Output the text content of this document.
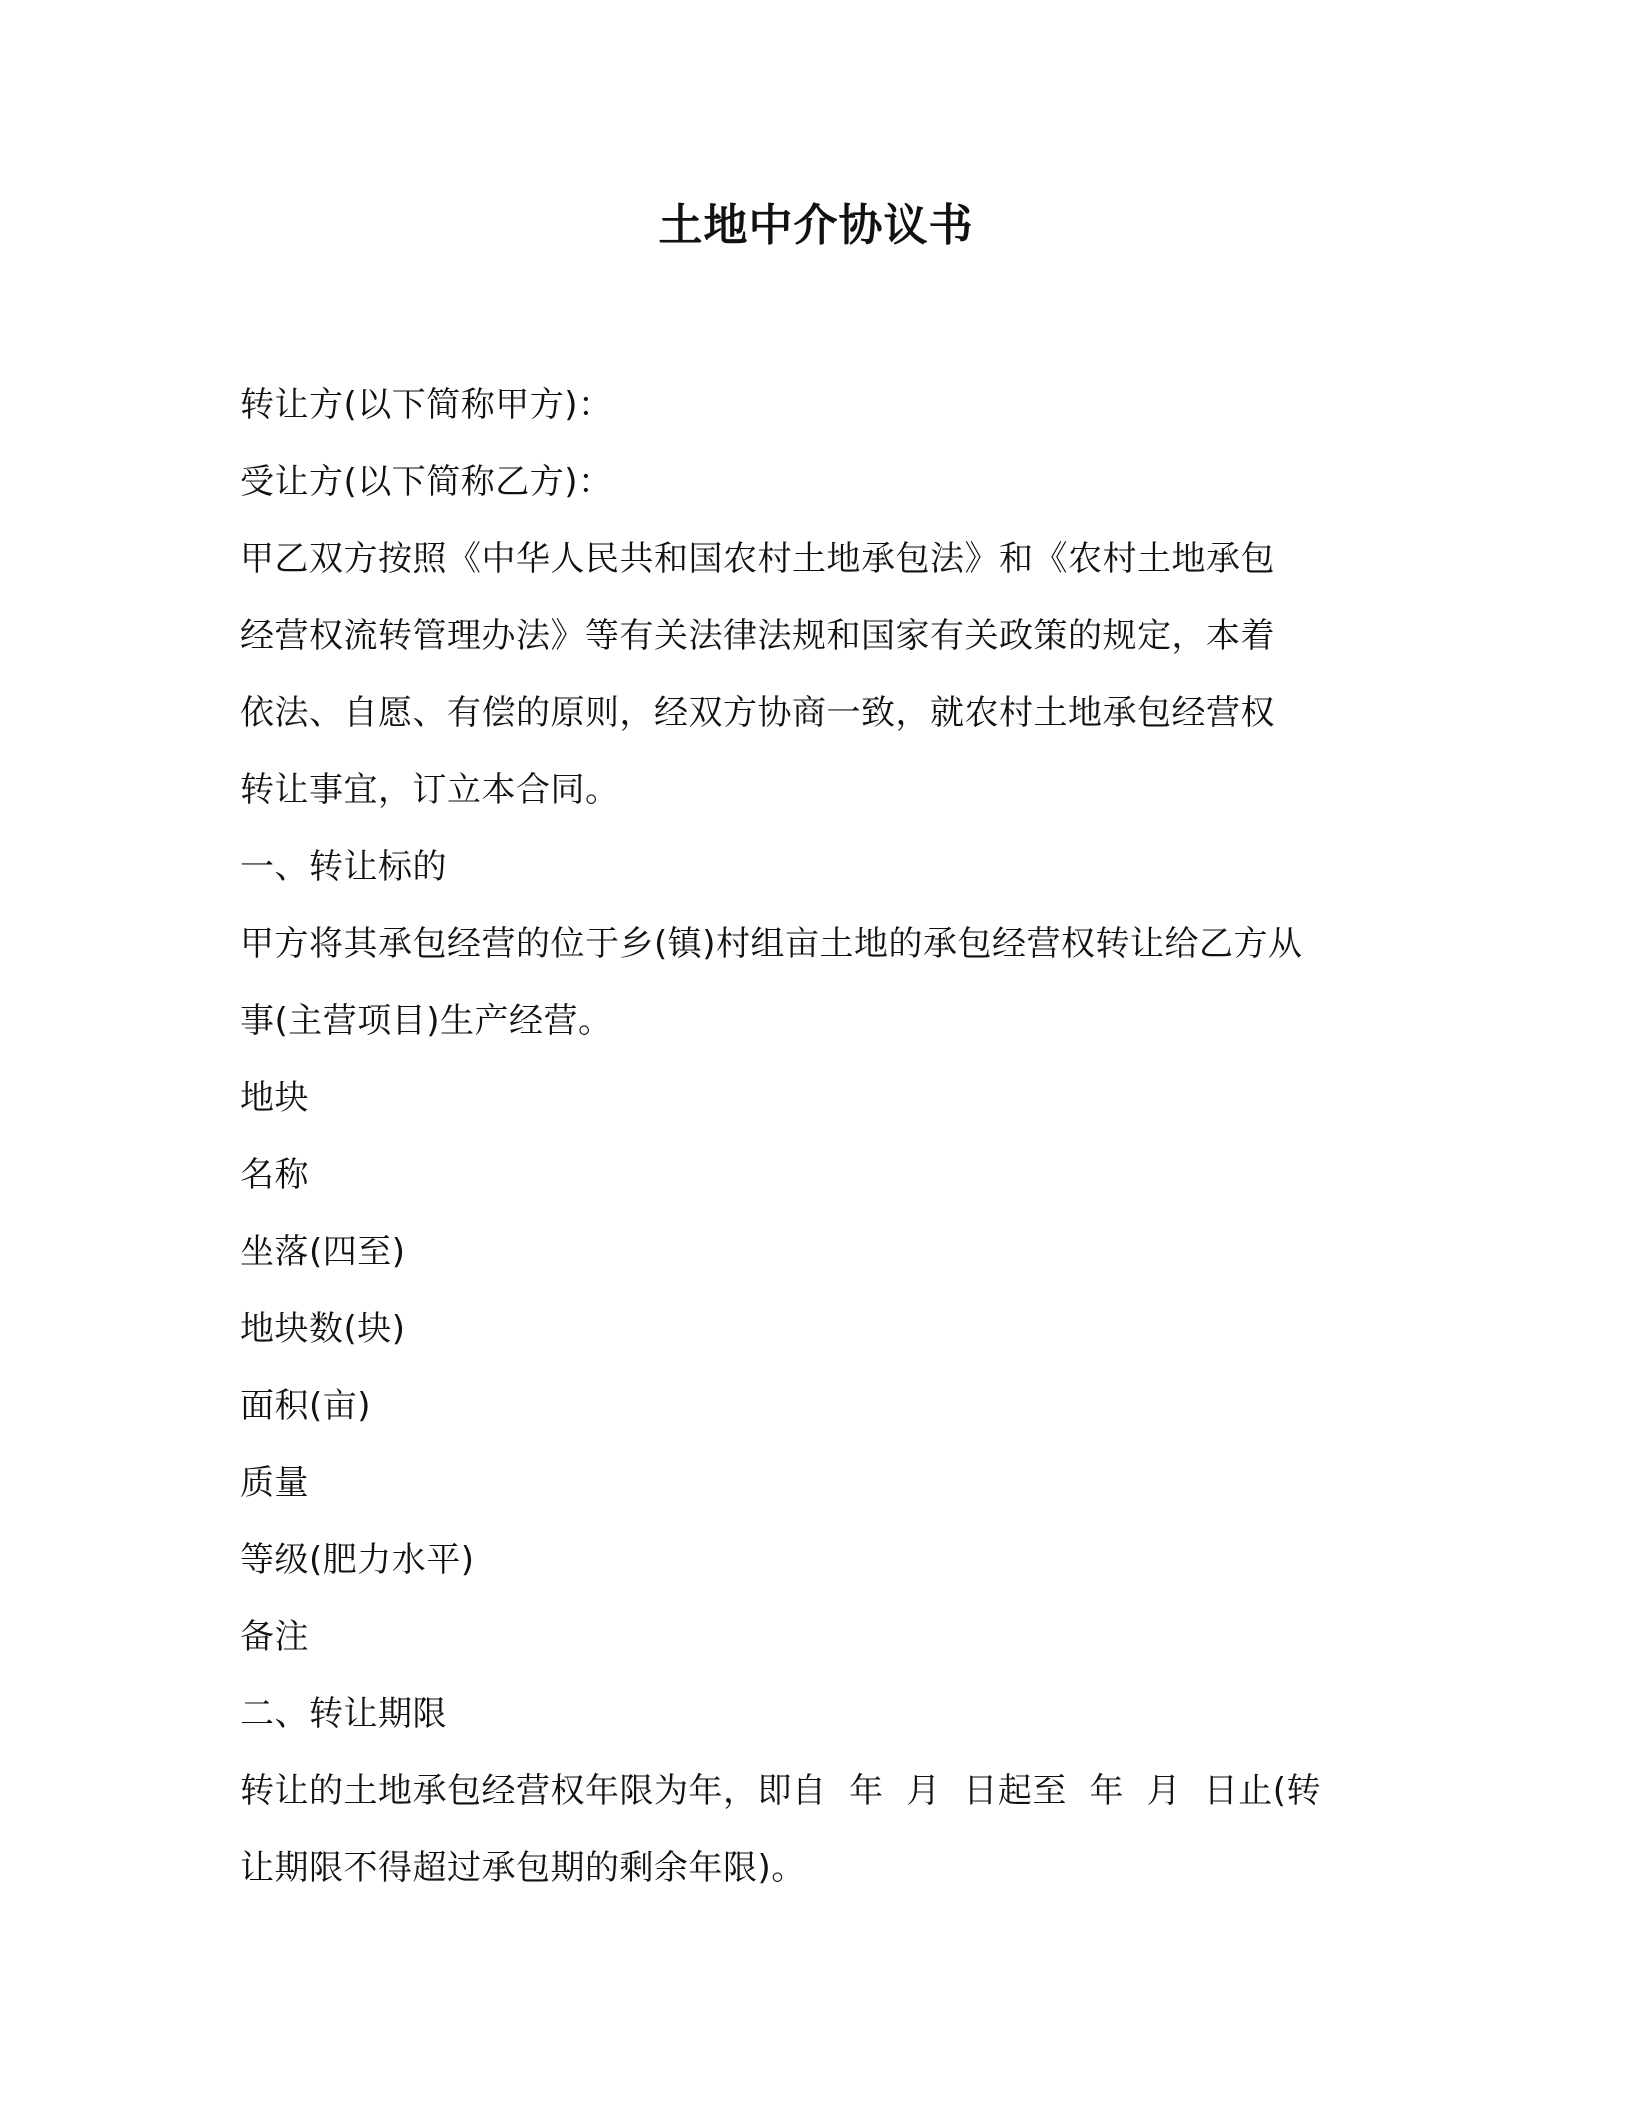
土地中介协议书
转让方(以下简称甲方)：
受让方(以下简称乙方)：
甲乙双方按照《中华人民共和国农村土地承包法》和《农村土地承包
经营权流转管理办法》等有关法律法规和国家有关政策的规定，本着
依法、自愿、有偿的原则，经双方协商一致，就农村土地承包经营权
转让事宜，订立本合同。
一、转让标的
甲方将其承包经营的位于乡(镇)村组亩土地的承包经营权转让给乙方从
事(主营项目)生产经营。
地块
名称
坐落(四至)
地块数(块)
面积(亩)
质量
等级(肥力水平)
备注
二、转让期限
转让的土地承包经营权年限为年，即自  年  月  日起至  年  月  日止(转
让期限不得超过承包期的剩余年限)。
